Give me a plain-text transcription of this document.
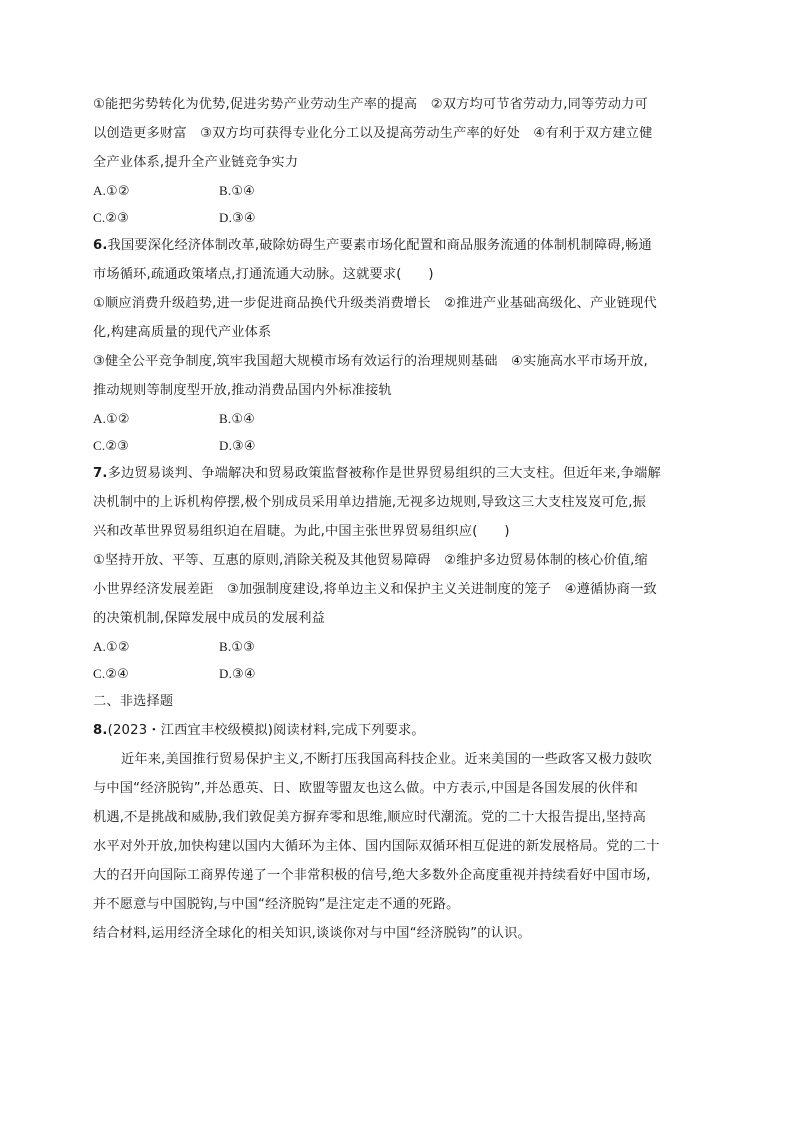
①能把劣势转化为优势,促进劣势产业劳动生产率的提高　②双方均可节省劳动力,同等劳动力可
以创造更多财富　③双方均可获得专业化分工以及提高劳动生产率的好处　④有利于双方建立健
全产业体系,提升全产业链竞争实力
A.①②	B.①④
C.②③	D.③④
6.我国要深化经济体制改革,破除妨碍生产要素市场化配置和商品服务流通的体制机制障碍,畅通
市场循环,疏通政策堵点,打通流通大动脉。这就要求(　　)
①顺应消费升级趋势,进一步促进商品换代升级类消费增长　②推进产业基础高级化、产业链现代
化,构建高质量的现代产业体系
③健全公平竞争制度,筑牢我国超大规模市场有效运行的治理规则基础　④实施高水平市场开放,
推动规则等制度型开放,推动消费品国内外标准接轨
A.①②	B.①④
C.②③	D.③④
7.多边贸易谈判、争端解决和贸易政策监督被称作是世界贸易组织的三大支柱。但近年来,争端解
决机制中的上诉机构停摆,极个别成员采用单边措施,无视多边规则,导致这三大支柱岌岌可危,振
兴和改革世界贸易组织迫在眉睫。为此,中国主张世界贸易组织应(　　)
①坚持开放、平等、互惠的原则,消除关税及其他贸易障碍　②维护多边贸易体制的核心价值,缩
小世界经济发展差距　③加强制度建设,将单边主义和保护主义关进制度的笼子　④遵循协商一致
的决策机制,保障发展中成员的发展利益
A.①②	B.①③
C.②④	D.③④
二、非选择题
8.(2023・江西宜丰校级模拟)阅读材料,完成下列要求。
近年来,美国推行贸易保护主义,不断打压我国高科技企业。近来美国的一些政客又极力鼓吹
与中国“经济脱钩”,并怂恿英、日、欧盟等盟友也这么做。中方表示,中国是各国发展的伙伴和
机遇,不是挑战和威胁,我们敦促美方摒弃零和思维,顺应时代潮流。党的二十大报告提出,坚持高
水平对外开放,加快构建以国内大循环为主体、国内国际双循环相互促进的新发展格局。党的二十
大的召开向国际工商界传递了一个非常积极的信号,绝大多数外企高度重视并持续看好中国市场,
并不愿意与中国脱钩,与中国“经济脱钩”是注定走不通的死路。
结合材料,运用经济全球化的相关知识,谈谈你对与中国“经济脱钩”的认识。
